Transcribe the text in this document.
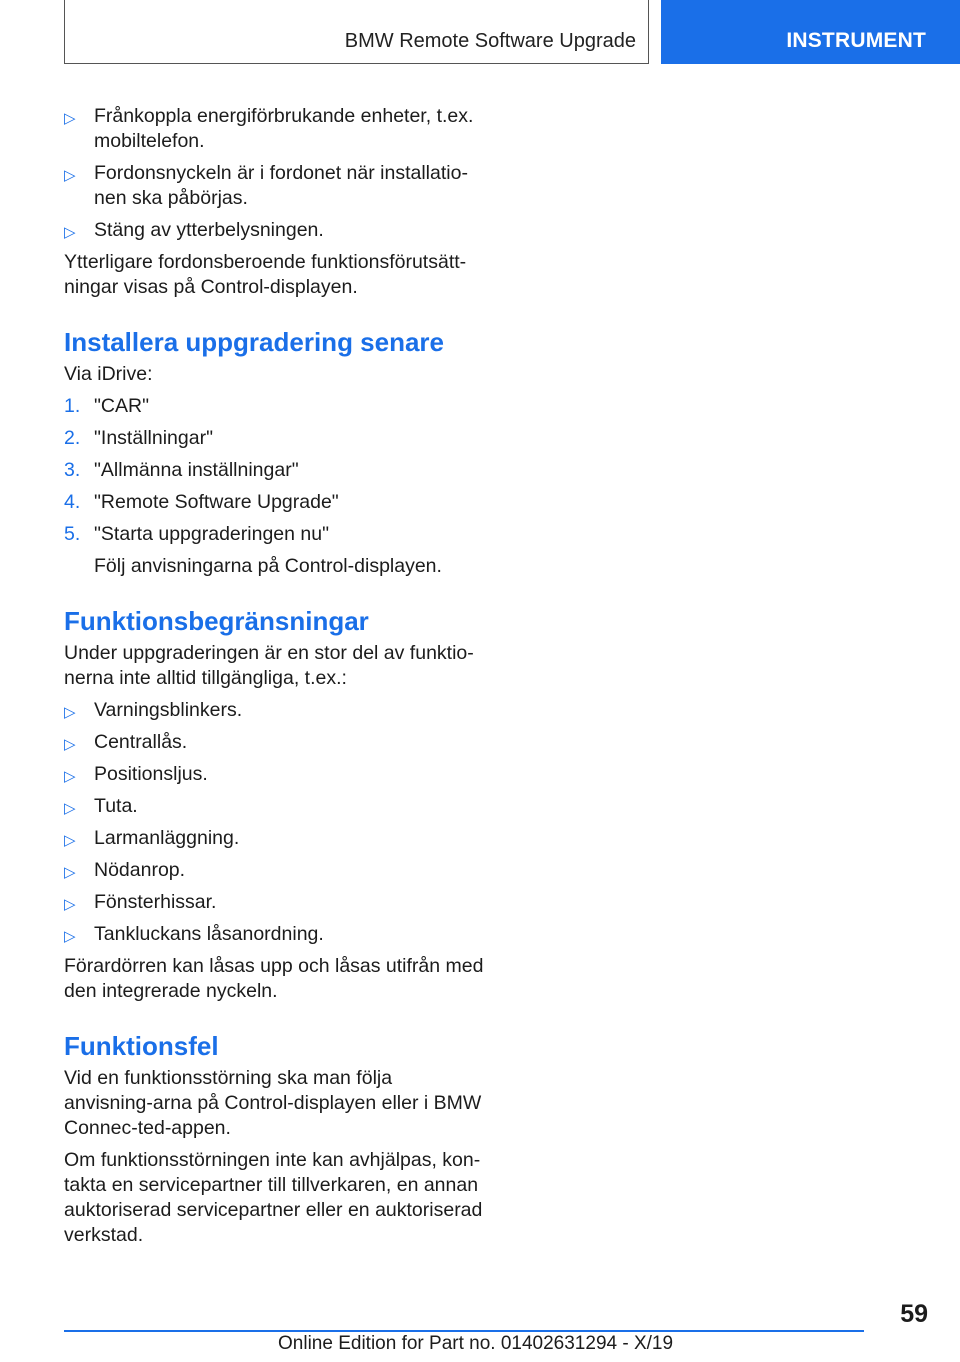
BMW Remote Software Upgrade	INSTRUMENT
▷ Frånkoppla energiförbrukande enheter, t.ex. mobiltelefon.
▷ Fordonsnyckeln är i fordonet när installatio-nen ska påbörjas.
▷ Stäng av ytterbelysningen.

Ytterligare fordonsberoende funktionsförutsätt-ningar visas på Control-displayen.

Installera uppgradering senare

Via iDrive:

1. "CAR"
2. "Inställningar"
3. "Allmänna inställningar"
4. "Remote Software Upgrade"
5. "Starta uppgraderingen nu"

Följ anvisningarna på Control-displayen.

Funktionsbegränsningar

Under uppgraderingen är en stor del av funktio-nerna inte alltid tillgängliga, t.ex.:

▷ Varningsblinkers.
▷ Centrallås.
▷ Positionsljus.
▷ Tuta.
▷ Larmanläggning.
▷ Nödanrop.
▷ Fönsterhissar.
▷ Tankluckans låsanordning.

Förardörren kan låsas upp och låsas utifrån med den integrerade nyckeln.

Funktionsfel

Vid en funktionsstörning ska man följa anvisning-arna på Control-displayen eller i BMW Connec-ted-appen.

Om funktionsstörningen inte kan avhjälpas, kon-takta en servicepartner till tillverkaren, en annan auktoriserad servicepartner eller en auktoriserad verkstad.

59
Online Edition for Part no. 01402631294 - X/19
